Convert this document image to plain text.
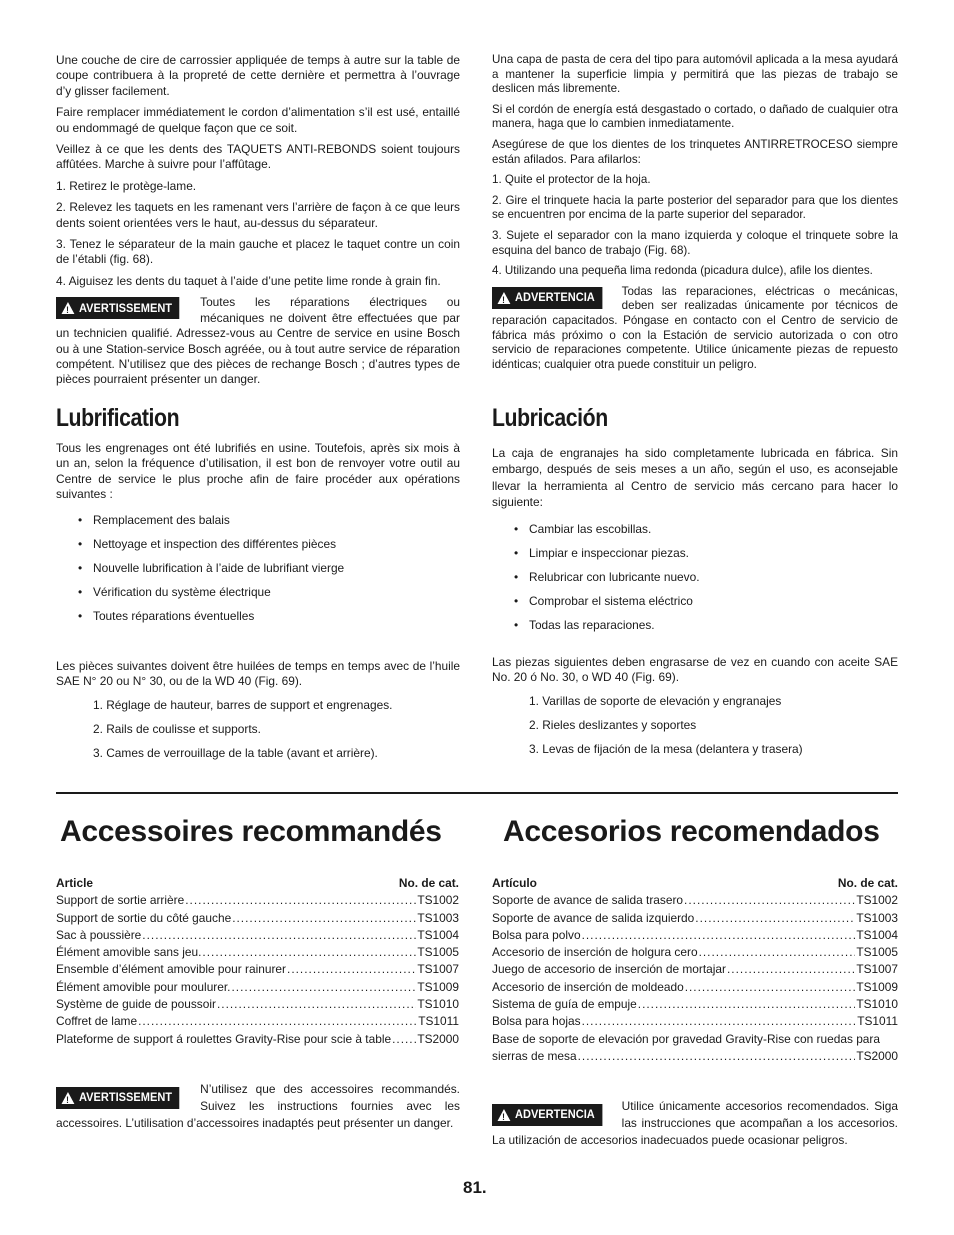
Une couche de cire de carrossier appliquée de temps à autre sur la table de coupe contribuera à la propreté de cette dernière et permettra à l’ouvrage d’y glisser facilement.

Faire remplacer immédiatement le cordon d’alimentation s’il est usé, entaillé ou endommagé de quelque façon que ce soit.

Veillez à ce que les dents des TAQUETS ANTI-REBONDS soient toujours affûtées. Marche à suivre pour l’affûtage.

1. Retirez le protège-lame.

2. Relevez les taquets en les ramenant vers l’arrière de façon à ce que leurs dents soient orientées vers le haut, au-dessus du séparateur.

3. Tenez le séparateur de la main gauche et placez le taquet contre un coin de l’établi (fig. 68).

4. Aiguisez les dents du taquet à l’aide d’une petite lime ronde à grain fin.

! AVERTISSEMENT	Toutes les réparations électriques ou mécaniques ne doivent être effectuées que par un technicien qualifié. Adressez-vous au Centre de service en usine Bosch ou à une Station-service Bosch agréée, ou à tout autre service de réparation compétent. N’utilisez que des pièces de rechange Bosch ; d’autres types de pièces pourraient présenter un danger.

Lubrification

Tous les engrenages ont été lubrifiés en usine. Toutefois, après six mois à un an, selon la fréquence d’utilisation, il est bon de renvoyer votre outil au Centre de service le plus proche afin de faire procéder aux opérations suivantes :

• Remplacement des balais
• Nettoyage et inspection des différentes pièces
• Nouvelle lubrification à l’aide de lubrifiant vierge
• Vérification du système électrique
• Toutes réparations éventuelles

Les pièces suivantes doivent être huilées de temps en temps avec de l’huile SAE N° 20 ou N° 30, ou de la WD 40 (Fig. 69).

1. Réglage de hauteur, barres de support et engrenages.
2. Rails de coulisse et supports.
3. Cames de verrouillage de la table (avant et arrière).

Una capa de pasta de cera del tipo para automóvil aplicada a la mesa ayudará a mantener la superficie limpia y permitirá que las piezas de trabajo se deslicen más libremente.

Si el cordón de energía está desgastado o cortado, o dañado de cualquier otra manera, haga que lo cambien inmediatamente.

Asegúrese de que los dientes de los trinquetes ANTIRRETROCESO siempre están afilados. Para afilarlos:

1. Quite el protector de la hoja.

2. Gire el trinquete hacia la parte posterior del separador para que los dientes se encuentren por encima de la parte superior del separador.

3. Sujete el separador con la mano izquierda y coloque el trinquete sobre la esquina del banco de trabajo (Fig. 68).

4. Utilizando una pequeña lima redonda (picadura dulce), afile los dientes.

! ADVERTENCIA	Todas las reparaciones, eléctricas o mecánicas, deben ser realizadas únicamente por técnicos de reparación capacitados. Póngase en contacto con el Centro de servicio de fábrica más próximo o con la Estación de servicio autorizada o con otro servicio de reparaciones competente. Utilice únicamente piezas de repuesto idénticas; cualquier otra puede constituir un peligro.

Lubricación

La caja de engranajes ha sido completamente lubricada en fábrica. Sin embargo, después de seis meses a un año, según el uso, es aconsejable llevar la herramienta al Centro de servicio más cercano para hacer lo siguiente:

• Cambiar las escobillas.
• Limpiar e inspeccionar piezas.
• Relubricar con lubricante nuevo.
• Comprobar el sistema eléctrico
• Todas las reparaciones.

Las piezas siguientes deben engrasarse de vez en cuando con aceite SAE No. 20 ó No. 30, o WD 40 (Fig. 69).

1. Varillas de soporte de elevación y engranajes
2. Rieles deslizantes y soportes
3. Levas de fijación de la mesa (delantera y trasera)
Accessoires recommandés Accesorios recomendados
Article	No. de cat.
Support de sortie arrière .....	TS1002
Support de sortie du côté gauche .....	TS1003
Sac à poussière .....	TS1004
Élément amovible sans jeu. .....	TS1005
Ensemble d’élément amovible pour rainurer .....	TS1007
Élément amovible pour moulurer. .....	TS1009
Système de guide de poussoir .....	TS1010
Coffret de lame .....	TS1011
Plateforme de support á roulettes Gravity-Rise pour scie à table ..... TS2000
Artículo	No. de cat.
Soporte de avance de salida trasero .....	TS1002
Soporte de avance de salida izquierdo .....	TS1003
Bolsa para polvo .....	TS1004
Accesorio de inserción de holgura cero .....	TS1005
Juego de accesorio de inserción de mortajar .....	TS1007
Accesorio de inserción de moldeado .....	TS1009
Sistema de guía de empuje .....	TS1010
Bolsa para hojas .....	TS1011
Base de soporte de elevación por gravedad Gravity-Rise con ruedas para
sierras de mesa .....	TS2000
! AVERTISSEMENT

N’utilisez que des accessoires recommandés. Suivez les instructions fournies avec les accessoires. L’utilisation d’accessoires inadaptés peut présenter un danger.	! ADVERTENCIA

Utilice únicamente accesorios recomendados. Siga las instrucciones que acompañan a los accesorios. La utilización de accesorios inadecuados puede ocasionar peligros.

81.
